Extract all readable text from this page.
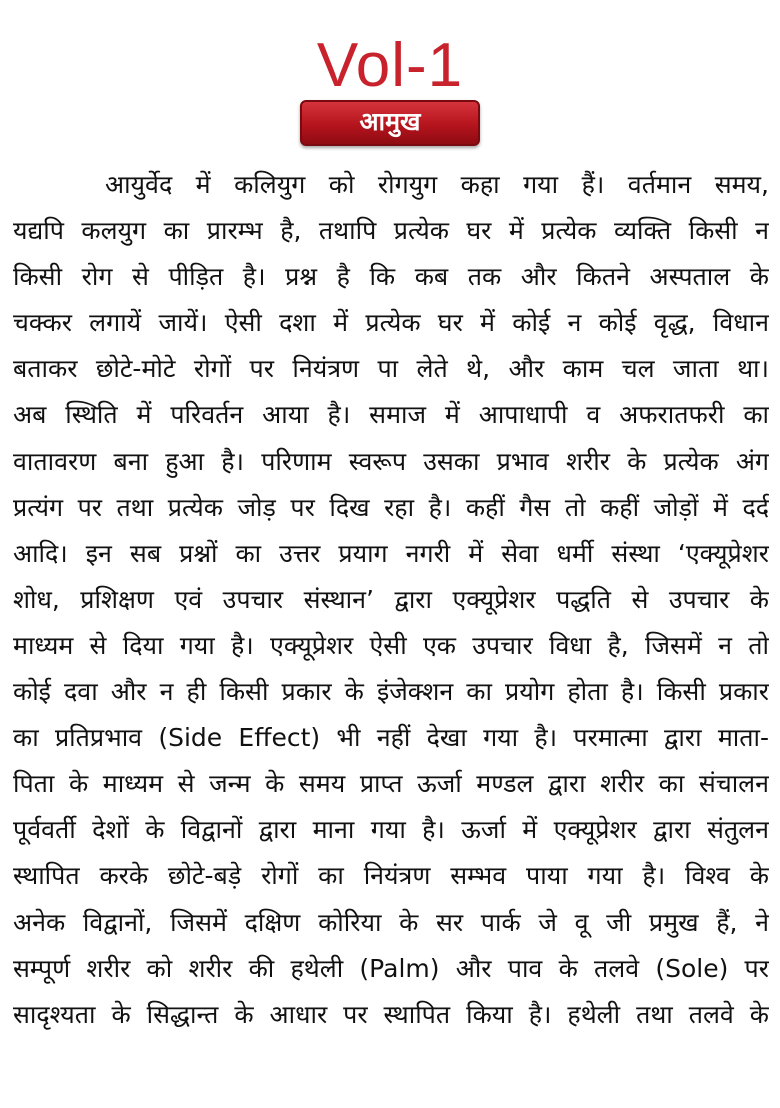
Vol-1
आमुख
आयुर्वेद में कलियुग को रोगयुग कहा गया हैं। वर्तमान समय,
यद्यपि कलयुग का प्रारम्भ है, तथापि प्रत्येक घर में प्रत्येक व्यक्ति किसी न
किसी रोग से पीड़ित है। प्रश्न है कि कब तक और कितने अस्पताल के
चक्कर लगायें जायें। ऐसी दशा में प्रत्येक घर में कोई न कोई वृद्ध, विधान
बताकर छोटे-मोटे रोगों पर नियंत्रण पा लेते थे, और काम चल जाता था।
अब स्थिति में परिवर्तन आया है। समाज में आपाधापी व अफरातफरी का
वातावरण बना हुआ है। परिणाम स्वरूप उसका प्रभाव शरीर के प्रत्येक अंग
प्रत्यंग पर तथा प्रत्येक जोड़ पर दिख रहा है। कहीं गैस तो कहीं जोड़ों में दर्द
आदि। इन सब प्रश्नों का उत्तर प्रयाग नगरी में सेवा धर्मी संस्था ‘एक्यूप्रेशर
शोध, प्रशिक्षण एवं उपचार संस्थान’ द्वारा एक्यूप्रेशर पद्धति से उपचार के
माध्यम से दिया गया है। एक्यूप्रेशर ऐसी एक उपचार विधा है, जिसमें न तो
कोई दवा और न ही किसी प्रकार के इंजेक्शन का प्रयोग होता है। किसी प्रकार
का प्रतिप्रभाव (Side Effect) भी नहीं देखा गया है। परमात्मा द्वारा माता-
पिता के माध्यम से जन्म के समय प्राप्त ऊर्जा मण्डल द्वारा शरीर का संचालन
पूर्ववर्ती देशों के विद्वानों द्वारा माना गया है। ऊर्जा में एक्यूप्रेशर द्वारा संतुलन
स्थापित करके छोटे-बड़े रोगों का नियंत्रण सम्भव पाया गया है। विश्व के
अनेक विद्वानों, जिसमें दक्षिण कोरिया के सर पार्क जे वू जी प्रमुख हैं, ने
सम्पूर्ण शरीर को शरीर की हथेली (Palm) और पाव के तलवे (Sole) पर
सादृश्यता के सिद्धान्त के आधार पर स्थापित किया है। हथेली तथा तलवे के
